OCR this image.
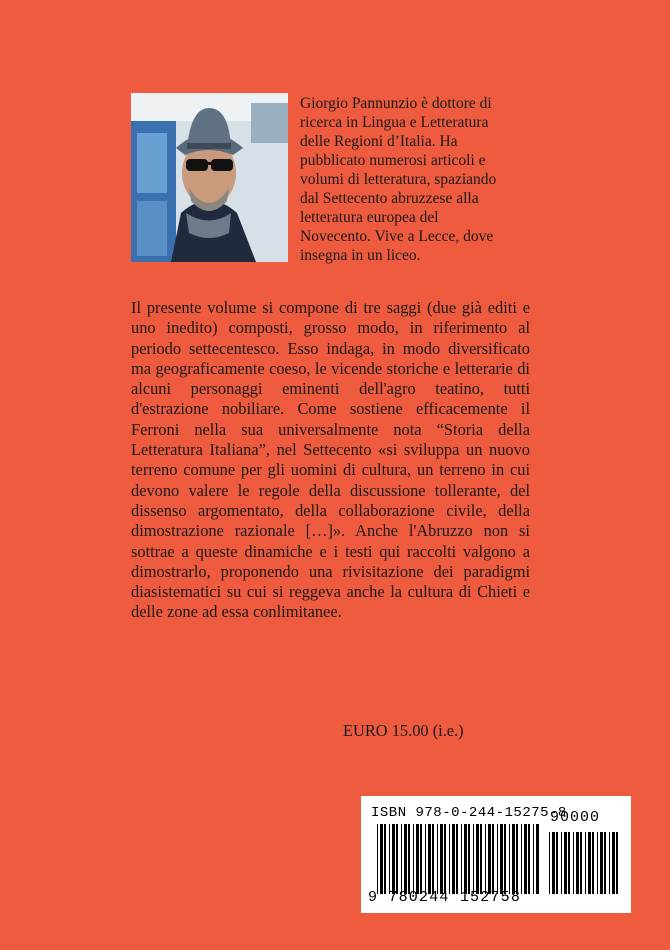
Giorgio Pannunzio è dottore di ricerca in Lingua e Letteratura delle Regioni d’Italia. Ha pubblicato numerosi articoli e volumi di letteratura, spaziando dal Settecento abruzzese alla letteratura europea del Novecento. Vive a Lecce, dove insegna in un liceo.

Il presente volume si compone di tre saggi (due già editi e uno inedito) composti, grosso modo, in riferimento al periodo settecentesco. Esso indaga, in modo diversificato ma geograficamente coeso, le vicende storiche e letterarie di alcuni personaggi eminenti dell'agro teatino, tutti d'estrazione nobiliare. Come sostiene efficacemente il Ferroni nella sua universalmente nota “Storia della Letteratura Italiana”, nel Settecento «si sviluppa un nuovo terreno comune per gli uomini di cultura, un terreno in cui devono valere le regole della discussione tollerante, del dissenso argomentato, della collaborazione civile, della dimostrazione razionale […]». Anche l'Abruzzo non si sottrae a queste dinamiche e i testi qui raccolti valgono a dimostrarlo, proponendo una rivisitazione dei paradigmi diasistematici su cui si reggeva anche la cultura di Chieti e delle zone ad essa conlimitanee.

EURO 15.00 (i.e.)
ISBN 978-0-244-15275-8
90000
9 780244 152758
